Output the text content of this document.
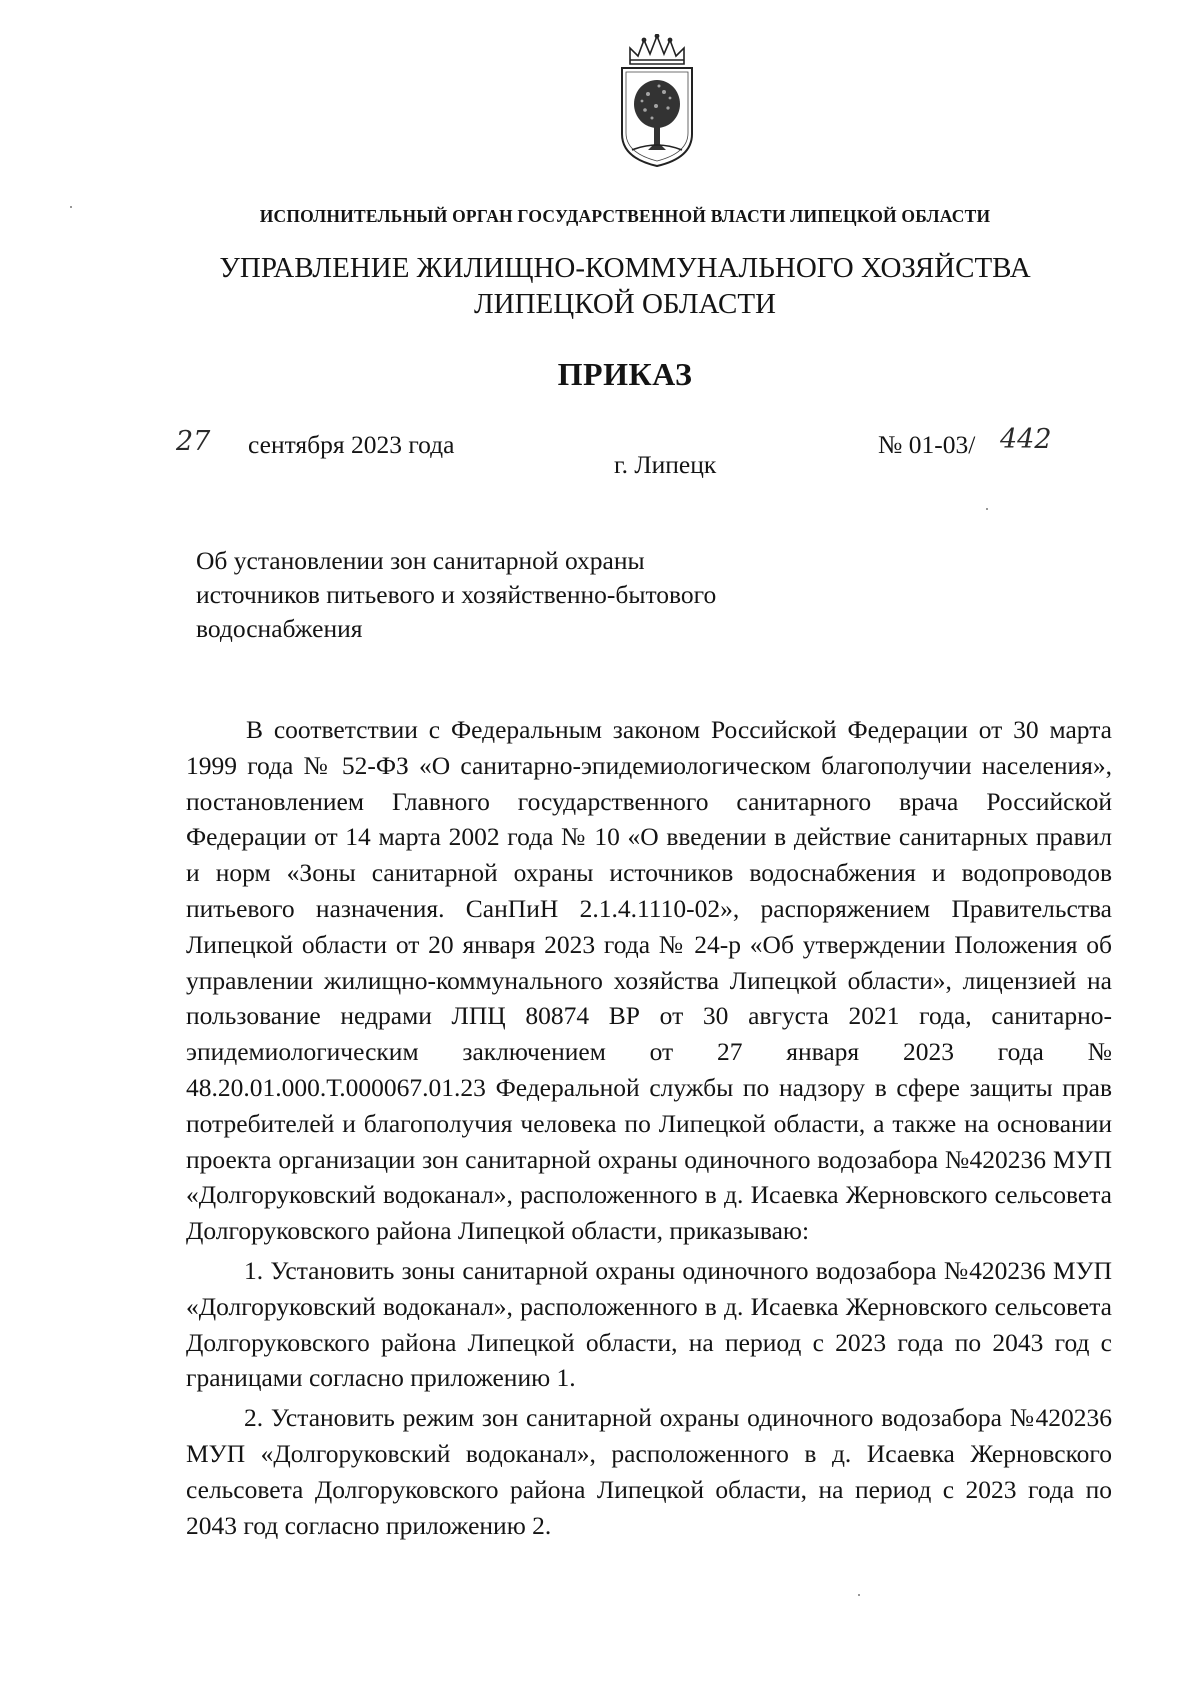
ИСПОЛНИТЕЛЬНЫЙ ОРГАН ГОСУДАРСТВЕННОЙ ВЛАСТИ ЛИПЕЦКОЙ ОБЛАСТИ
УПРАВЛЕНИЕ ЖИЛИЩНО-КОММУНАЛЬНОГО ХОЗЯЙСТВА
ЛИПЕЦКОЙ ОБЛАСТИ
ПРИКАЗ
27 сентября 2023 года
г. Липецк
№ 01-03/ 442
Об установлении зон санитарной охраны
источников питьевого и хозяйственно-бытового
водоснабжения

В соответствии с Федеральным законом Российской Федерации от 30 марта 1999 года № 52-ФЗ «О санитарно-эпидемиологическом благополучии населения», постановлением Главного государственного санитарного врача Российской Федерации от 14 марта 2002 года № 10 «О введении в действие санитарных правил и норм «Зоны санитарной охраны источников водоснабжения и водопроводов питьевого назначения. СанПиН 2.1.4.1110-02», распоряжением Правительства Липецкой области от 20 января 2023 года № 24-р «Об утверждении Положения об управлении жилищно-коммунального хозяйства Липецкой области», лицензией на пользование недрами ЛПЦ 80874 ВР от 30 августа 2021 года, санитарно-эпидемиологическим заключением от 27 января 2023 года № 48.20.01.000.Т.000067.01.23 Федеральной службы по надзору в сфере защиты прав потребителей и благополучия человека по Липецкой области, а также на основании проекта организации зон санитарной охраны одиночного водозабора №420236 МУП «Долгоруковский водоканал», расположенного в д. Исаевка Жерновского сельсовета Долгоруковского района Липецкой области, приказываю:

1. Установить зоны санитарной охраны одиночного водозабора №420236 МУП «Долгоруковский водоканал», расположенного в д. Исаевка Жерновского сельсовета Долгоруковского района Липецкой области, на период с 2023 года по 2043 год с границами согласно приложению 1.

2. Установить режим зон санитарной охраны одиночного водозабора №420236 МУП «Долгоруковский водоканал», расположенного в д. Исаевка Жерновского сельсовета Долгоруковского района Липецкой области, на период с 2023 года по 2043 год согласно приложению 2.
